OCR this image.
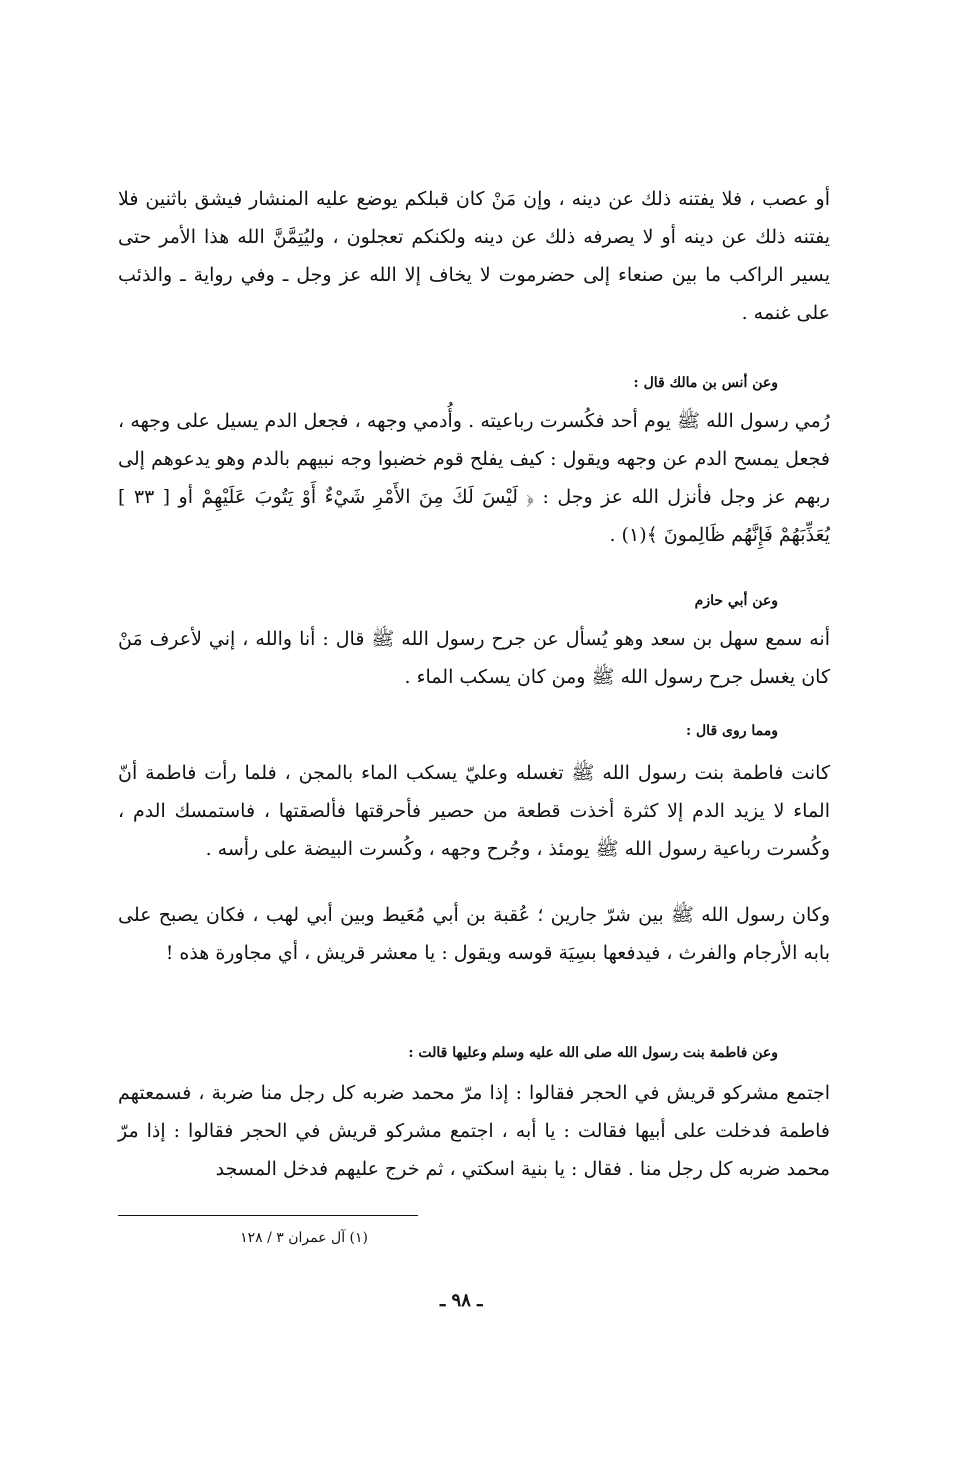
أو عصب ، فلا يفتنه ذلك عن دينه ، وإن مَنْ كان قبلكم يوضع عليه المنشار فيشق باثنين فلا يفتنه ذلك عن دينه أو لا يصرفه ذلك عن دينه ولكنكم تعجلون ، وليُتِمَّنَّ الله هذا الأمر حتى يسير الراكب ما بين صنعاء إلى حضرموت لا يخاف إلا الله عز وجل ـ وفي رواية ـ والذئب على غنمه .

وعن أنس بن مالك قال :

رُمي رسول الله ﷺ يوم أحد فكُسرت رباعيته . وأُدمي وجهه ، فجعل الدم يسيل على وجهه ، فجعل يمسح الدم عن وجهه ويقول : كيف يفلح قوم خضبوا وجه نبيهم بالدم وهو يدعوهم إلى ربهم عز وجل فأنزل الله عز وجل : ﴿ لَيْسَ لَكَ مِنَ الأَمْرِ شَيْءٌ أَوْ يَتُوبَ عَلَيْهِمْ أو [ ٣٣ ] يُعَذِّبَهُمْ فَإِنَّهُم ظَالِمونَ ﴾(١) .

وعن أبي حازم

أنه سمع سهل بن سعد وهو يُسأل عن جرح رسول الله ﷺ قال : أنا والله ، إني لأعرف مَنْ كان يغسل جرح رسول الله ﷺ ومن كان يسكب الماء .

ومما روى قال :

كانت فاطمة بنت رسول الله ﷺ تغسله وعليّ يسكب الماء بالمجن ، فلما رأت فاطمة أنّ الماء لا يزيد الدم إلا كثرة أخذت قطعة من حصير فأحرقتها فألصقتها ، فاستمسك الدم ، وكُسرت رباعية رسول الله ﷺ يومئذ ، وجُرح وجهه ، وكُسرت البيضة على رأسه .

وكان رسول الله ﷺ بين شرّ جارين ؛ عُقبة بن أبي مُعَيط وبين أبي لهب ، فكان يصبح على بابه الأرجام والفرث ، فيدفعها بسِيَة قوسه ويقول : يا معشر قريش ، أي مجاورة هذه !

وعن فاطمة بنت رسول الله صلى الله عليه وسلم وعليها قالت :

اجتمع مشركو قريش في الحجر فقالوا : إذا مرّ محمد ضربه كل رجل منا ضربة ، فسمعتهم فاطمة فدخلت على أبيها فقالت : يا أبه ، اجتمع مشركو قريش في الحجر فقالوا : إذا مرّ محمد ضربه كل رجل منا . فقال : يا بنية اسكتي ، ثم خرج عليهم فدخل المسجد

(١) آل عمران ٣ / ١٢٨
ـ ٩٨ ـ
